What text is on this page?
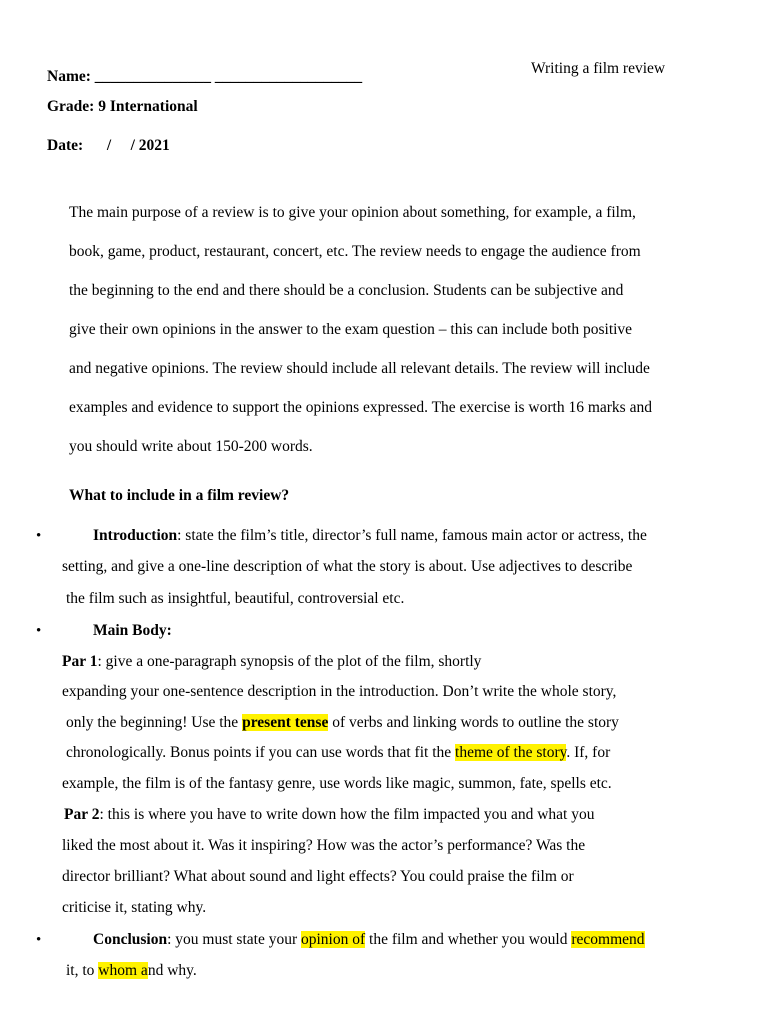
Name: _______________ ___________________	Writing a film review
Grade: 9 International
Date: /     / 2021
The main purpose of a review is to give your opinion about something, for example, a film,
book, game, product, restaurant, concert, etc. The review needs to engage the audience from
the beginning to the end and there should be a conclusion. Students can be subjective and
give their own opinions in the answer to the exam question – this can include both positive
and negative opinions. The review should include all relevant details. The review will include
examples and evidence to support the opinions expressed. The exercise is worth 16 marks and
you should write about 150-200 words.
What to include in a film review?
•	Introduction: state the film’s title, director’s full name, famous main actor or actress, the
setting, and give a one-line description of what the story is about. Use adjectives to describe
the film such as insightful, beautiful, controversial etc.
•	Main Body:
Par 1: give a one-paragraph synopsis of the plot of the film, shortly
expanding your one-sentence description in the introduction. Don’t write the whole story,
only the beginning! Use the present tense of verbs and linking words to outline the story
chronologically. Bonus points if you can use words that fit the theme of the story. If, for
example, the film is of the fantasy genre, use words like magic, summon, fate, spells etc.
Par 2: this is where you have to write down how the film impacted you and what you
liked the most about it. Was it inspiring? How was the actor’s performance? Was the
director brilliant? What about sound and light effects? You could praise the film or
criticise it, stating why.
•	Conclusion: you must state your opinion of the film and whether you would recommend
it, to whom and why.
